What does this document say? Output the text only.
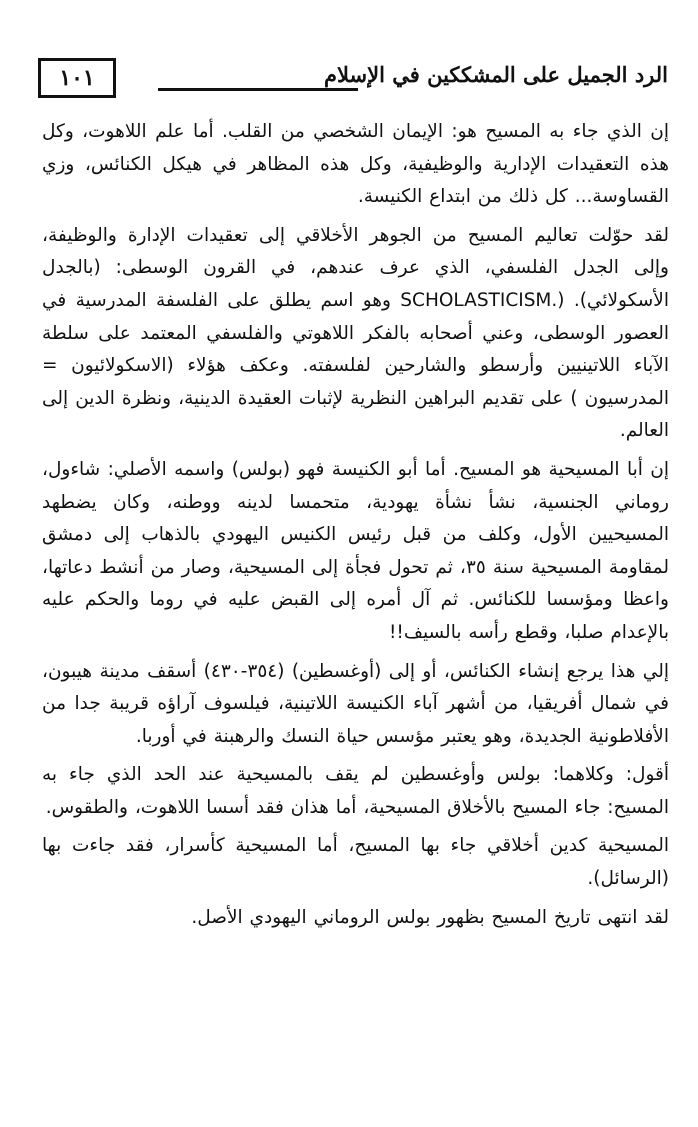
١٠١	الرد الجميل على المشككين في الإسلام

إن الذي جاء به المسيح هو: الإيمان الشخصي من القلب. أما علم اللاهوت، وكل هذه التعقيدات الإدارية والوظيفية، وكل هذه المظاهر في هيكل الكنائس، وزي القساوسة... كل ذلك من ابتداع الكنيسة.

لقد حوّلت تعاليم المسيح من الجوهر الأخلاقي إلى تعقيدات الإدارة والوظيفة، وإلى الجدل الفلسفي، الذي عرف عندهم، في القرون الوسطى: (بالجدل الأسكولائي). (.SCHOLASTICISM وهو اسم يطلق على الفلسفة المدرسية في العصور الوسطى، وعني أصحابه بالفكر اللاهوتي والفلسفي المعتمد على سلطة الآباء اللاتينيين وأرسطو والشارحين لفلسفته. وعكف هؤلاء (الاسكولائيون = المدرسيون ) على تقديم البراهين النظرية لإثبات العقيدة الدينية، ونظرة الدين إلى العالم.

إن أبا المسيحية هو المسيح. أما أبو الكنيسة فهو (بولس) واسمه الأصلي: شاءول، روماني الجنسية، نشأ نشأة يهودية، متحمسا لدينه ووطنه، وكان يضطهد المسيحيين الأول، وكلف من قبل رئيس الكنيس اليهودي بالذهاب إلى دمشق لمقاومة المسيحية سنة ٣٥، ثم تحول فجأة إلى المسيحية، وصار من أنشط دعاتها، واعظا ومؤسسا للكنائس. ثم آل أمره إلى القبض عليه في روما والحكم عليه بالإعدام صلبا، وقطع رأسه بالسيف!!

إلي هذا يرجع إنشاء الكنائس، أو إلى (أوغسطين) (٣٥٤-٤٣٠) أسقف مدينة هيبون، في شمال أفريقيا، من أشهر آباء الكنيسة اللاتينية، فيلسوف آراؤه قريبة جدا من الأفلاطونية الجديدة، وهو يعتبر مؤسس حياة النسك والرهبنة في أوربا.

أقول: وكلاهما: بولس وأوغسطين لم يقف بالمسيحية عند الحد الذي جاء به المسيح: جاء المسيح بالأخلاق المسيحية، أما هذان فقد أسسا اللاهوت، والطقوس.

المسيحية كدين أخلاقي جاء بها المسيح، أما المسيحية كأسرار، فقد جاءت بها (الرسائل).

لقد انتهى تاريخ المسيح بظهور بولس الروماني اليهودي الأصل.
